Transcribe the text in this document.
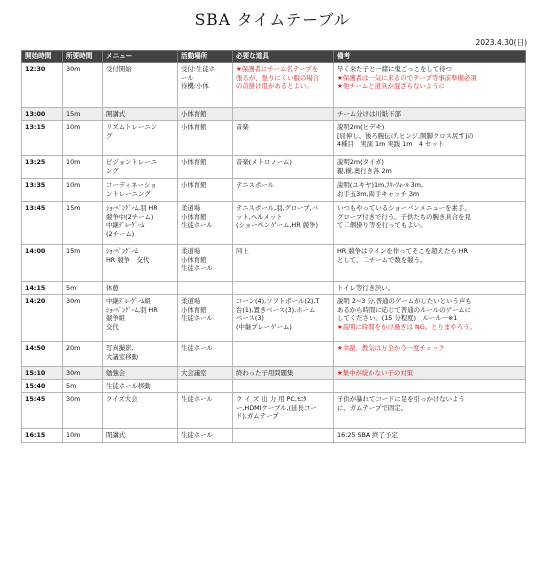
SBA タイムテーブル
2023.4.30(日)
開始時間	所要時間	メニュー	活動場所	必要な道具	備考
12:30	30m	受付開始	受付:生徒ホ
ール
待機:小体	★保護者にチーム名テープを
張るが、張りにくい服の場合
の首掛け用があるとよい。	早く来た子と一緒に鬼ごっこをして待つ
★保護者は一気に来るのでテープ等事前準備必須
★他チームと道具が混ざらないように

13:00	15m	開講式	小体育館		チーム分けは川紙下部

13:15	10m	リズムトレーニン
グ	小体育館	音楽	説明2m(ヒデキ)
[屈伸し、後ろ腕伝げ,ヒンジ,開脚クロス尻す]の
4種目　実演 1m 実践 1m　4 セット

13:25	10m	ビジョントレーニ
ング	小体育館	音楽(メトロノーム)	説明2m(タイガ)
親,横,奥行き各 2m

13:35	10m	コーディネーショ
ントレーニング	小体育館	テニスボール	説明(ユキヤ)1m,ﾌﾘｰﾌｫｰﾙ 3m,
お手玉3m,両手キャッチ 3m

13:45	15m	ｼｮｰﾍﾟﾝｹﾞｰﾑ,羽 HR
競争中(2チーム)
中継ﾃﾞﾚｰｹﾞｰﾑ
(2チーム)	柔道場
小体育館
生徒ホール	テニスボール,羽,グローブ,バ
ット,ヘルメット
(ショーペンゲーム,HR 競争)	いつもやっているショーバンメニューを素手、
グローブ付きで行う。子供たちの腕き具合を見
て二個掛り等を行ってもよい。

14:00	15m	ｼｮｰﾍﾟﾝｹﾞｰﾑ
HR 競争　交代	柔道場
小体育館
生徒ホール	同上	HR 競争はラインを作ってそこを超えたら HR
として、二チームで数を競う。

14:15	5m	休憩			トイレ等行き渋い。

14:20	30m	中継ﾃﾞﾚｰｹﾞｰﾑ組
ｼｮｰﾍﾟﾝｹﾞｰﾑ,羽 HR
競争組
交代	柔道場
小体育館
生徒ホール	コーン(4),ソフトボール(2),T
台(1),置きベース(3),ホーム
ベース(3)
(中継プレーゲーム)	説明 2~3 分,普通のゲームがしたいという声も
あるから時間に応じて普通のルールのゲームに
してください。(15 分程度)　ルール一※1
★説明に時間をかけ過ぎは NG。とりまやろう。

14:50	20m	写真撮影,
大議室移動	生徒ホール		★幸謝、教気は万全か今一度チェック

15:10	30m	勉強会	大会議室	終わった子用問題集	★集中が続かない子の対策

15:40	5m	生徒ホール移動			

15:45	30m	クイズ大会	生徒ホール	ク イ ズ 出 力 用 PC,ﾓﾆﾀ
ー,HDMIケーブル,(延長コー
ド),ガムテープ	子供が暴れてコードに足を引っかけないよう
に、ガムテープで固定。

16:15	10m	閉講式	生徒ホール		16:25 SBA 終了予定
